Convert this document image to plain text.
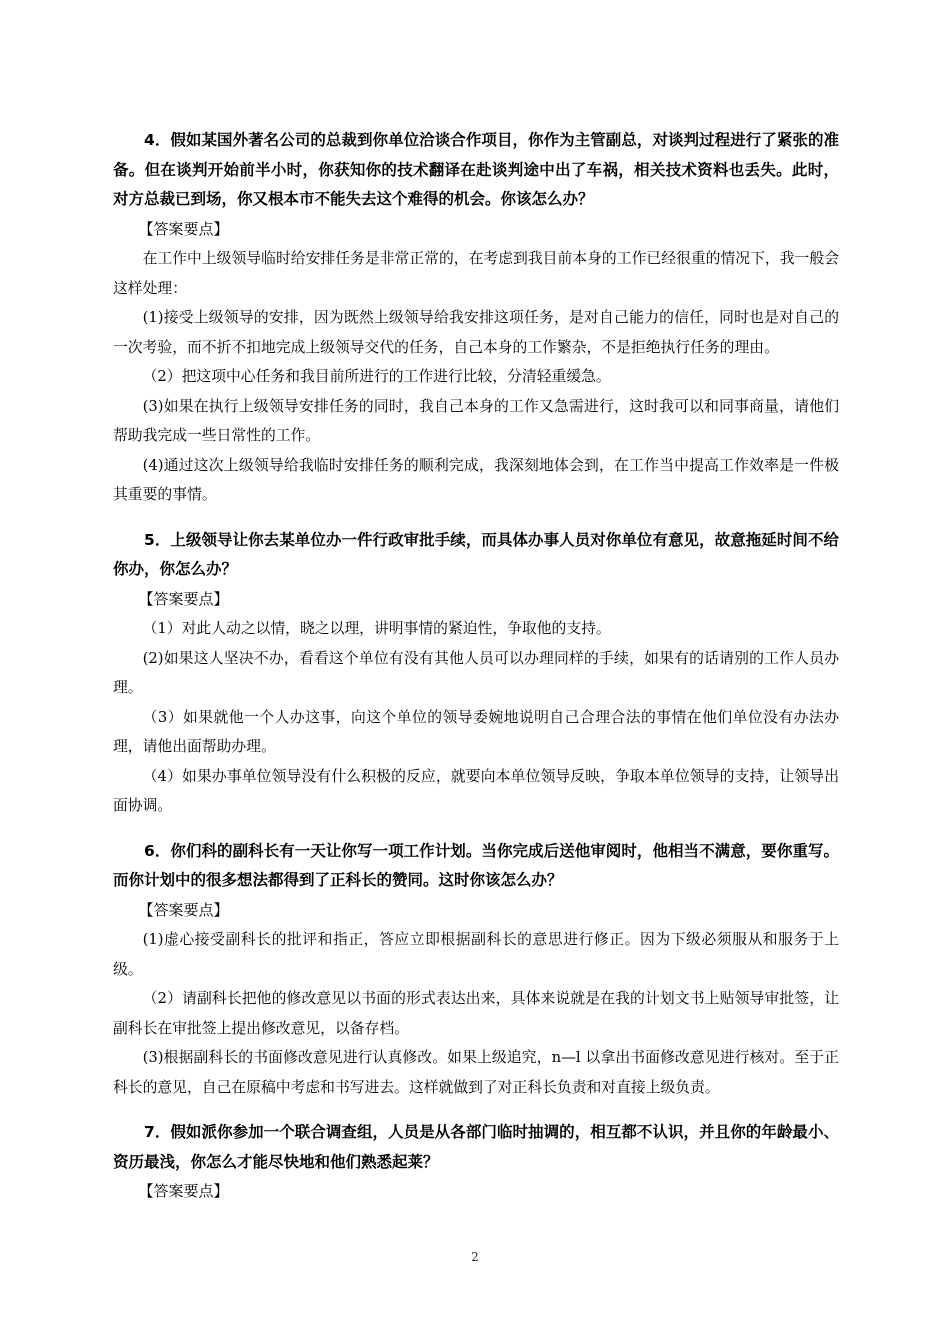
4．假如某国外著名公司的总裁到你单位洽谈合作项目，你作为主管副总，对谈判过程进行了紧张的准备。但在谈判开始前半小时，你获知你的技术翻译在赴谈判途中出了车祸，相关技术资料也丢失。此时，对方总裁已到场，你又根本市不能失去这个难得的机会。你该怎么办？

【答案要点】

在工作中上级领导临时给安排任务是非常正常的，在考虑到我目前本身的工作已经很重的情况下，我一般会这样处理：

(1)接受上级领导的安排，因为既然上级领导给我安排这项任务，是对自己能力的信任，同时也是对自己的一次考验，而不折不扣地完成上级领导交代的任务，自己本身的工作繁杂，不是拒绝执行任务的理由。

（2）把这项中心任务和我目前所进行的工作进行比较，分清轻重缓急。

(3)如果在执行上级领导安排任务的同时，我自己本身的工作又急需进行，这时我可以和同事商量，请他们帮助我完成一些日常性的工作。

(4)通过这次上级领导给我临时安排任务的顺利完成，我深刻地体会到，在工作当中提高工作效率是一件极其重要的事情。

5．上级领导让你去某单位办一件行政审批手续，而具体办事人员对你单位有意见，故意拖延时间不给你办，你怎么办？

【答案要点】

（1）对此人动之以情，晓之以理，讲明事情的紧迫性，争取他的支持。

(2)如果这人坚决不办，看看这个单位有没有其他人员可以办理同样的手续，如果有的话请别的工作人员办理。

（3）如果就他一个人办这事，向这个单位的领导委婉地说明自己合理合法的事情在他们单位没有办法办理，请他出面帮助办理。

（4）如果办事单位领导没有什么积极的反应，就要向本单位领导反映，争取本单位领导的支持，让领导出面协调。

6．你们科的副科长有一天让你写一项工作计划。当你完成后送他审阅时，他相当不满意，要你重写。而你计划中的很多想法都得到了正科长的赞同。这时你该怎么办？

【答案要点】

(1)虚心接受副科长的批评和指正，答应立即根据副科长的意思进行修正。因为下级必须服从和服务于上级。

（2）请副科长把他的修改意见以书面的形式表达出来，具体来说就是在我的计划文书上贴领导审批签，让副科长在审批签上提出修改意见，以备存档。

(3)根据副科长的书面修改意见进行认真修改。如果上级追究，n—l 以拿出书面修改意见进行核对。至于正科长的意见，自己在原稿中考虑和书写进去。这样就做到了对正科长负责和对直接上级负责。

7．假如派你参加一个联合调查组，人员是从各部门临时抽调的，相互都不认识，并且你的年龄最小、资历最浅，你怎么才能尽快地和他们熟悉起莱？

【答案要点】

2
